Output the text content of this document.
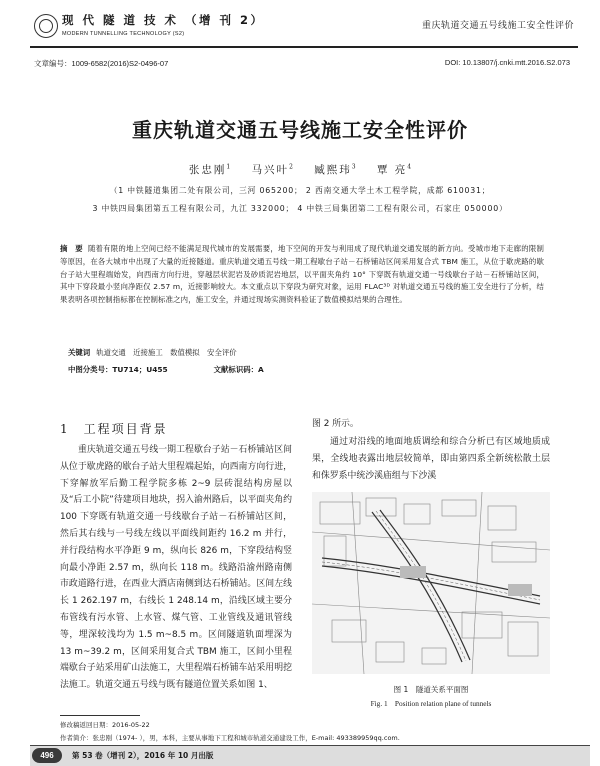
现 代 隧 道 技 术 （增 刊 2）
MODERN TUNNELLING TECHNOLOGY (S2)
重庆轨道交通五号线施工安全性评价
文章编号：1009-6582(2016)S2-0496-07	DOI: 10.13807/j.cnki.mtt.2016.S2.073
重庆轨道交通五号线施工安全性评价
张忠刚$^1$ 马兴叶$^2$ 臧熙玮$^3$ 覃 亮$^4$
（1 中铁隧道集团二处有限公司，三河 065200； 2 西南交通大学土木工程学院，成都 610031；
3 中铁四局集团第五工程有限公司，九江 332000； 4 中铁三局集团第二工程有限公司，石家庄 050000）
摘　要 随着有限的地上空间已经不能满足现代城市的发展需要，地下空间的开发与利用成了现代轨道交通发展的新方向。受城市地下走廊的限制等原因，在各大城市中出现了大量的近接隧道。重庆轨道交通五号线一期工程歇台子站－石桥铺站区间采用复合式 TBM 施工，从位于歇虎路的歇台子站大里程端始发，向西南方向行进，穿越层状泥岩及砂质泥岩地层，以平面夹角约 10° 下穿既有轨道交通一号线歇台子站－石桥铺站区间，其中下穿段最小竖向净距仅 2.57 m，近接影响较大。本文重点以下穿段为研究对象，运用 FLAC³ᴰ 对轨道交通五号线的施工安全进行了分析，结果表明各项控制指标都在控制标准之内，施工安全，并通过现场实测资料验证了数值模拟结果的合理性。
关键词 轨道交通　近接施工　数值模拟　安全评价
中图分类号：TU714；U455	文献标识码：A
1　工程项目背景
重庆轨道交通五号线一期工程歇台子站－石桥铺站区间从位于歇虎路的歇台子站大里程端起始，向西南方向行进，下穿解放军后勤工程学院多栋 2~9 层砖混结构房屋以及“后工小院”待建项目地块，拐入渝州路后，以平面夹角约 100 下穿既有轨道交通一号线歇台子站－石桥铺站区间，然后其右线与一号线左线以平面线间距约 16.2 m 并行，并行段结构水平净距 9 m，纵向长 826 m，下穿段结构竖向最小净距 2.57 m，纵向长 118 m。线路沿渝州路南侧市政道路行进，在西业大酒店南侧到达石桥铺站。区间左线长 1 262.197 m，右线长 1 248.14 m，沿线区域主要分布管线有污水管、上水管、煤气管、工业管线及通讯管线等，埋深较浅均为 1.5 m~8.5 m。区间隧道轨面埋深为 13 m~39.2 m，区间采用复合式 TBM 施工，区间小里程端歇台子站采用矿山法施工，大里程端石桥铺车站采用明挖法施工。轨道交通五号线与既有隧道位置关系如图 1、
图 2 所示。
通过对沿线的地面地质调绘和综合分析已有区域地质成果，全线地表露出地层较简单，即由第四系全新统松散土层和侏罗系中统沙溪庙组与下沙溪
图 1　隧道关系平面图
Fig. 1　Position relation plane of tunnels
修改稿返回日期：2016-05-22
作者简介：张忠刚（1974- ），男，本科，主要从事地下工程和城市轨道交通建设工作，E-mail: 493389959qq.com.
496	第 53 卷（增刊 2），2016 年 10 月出版
